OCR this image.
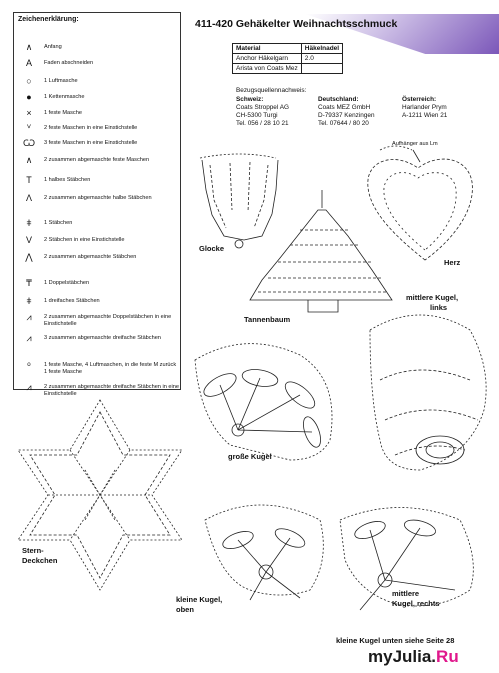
Zeichenerklärung:
∧	Anfang
A	Faden abschneiden
○	1 Luftmasche
●	1 Kettenmasche
×	1 feste Masche
ⱽ	2 feste Maschen in eine Einstichstelle
Ѡ	3 feste Maschen in eine Einstichstelle
∧	2 zusammen abgemaschte feste Maschen
T	1 halbes Stäbchen
Ʌ	2 zusammen abgemaschte halbe Stäbchen
ǂ	1 Stäbchen
V	2 Stäbchen in eine Einstichstelle
⋀	2 zusammen abgemaschte Stäbchen
₸	1 Doppelstäbchen
ǂ	1 dreifaches Stäbchen
⩘	2 zusammen abgemaschte Doppelstäbchen in eine Einstichstelle
⩘	3 zusammen abgemaschte dreifache Stäbchen
ᵒ	1 feste Masche, 4 Luftmaschen, in die feste M zurück 1 feste Masche
⩘	2 zusammen abgemaschte dreifache Stäbchen in eine Einstichstelle
411-420 Gehäkelter Weihnachtsschmuck
Material	Häkelnadel
Anchor Häkelgarn	2.0
Arista von Coats Mez	
Bezugsquellennachweis:
Schweiz:
Coats Stroppel AG
CH-5300 Turgi
Tel. 056 / 28 10 21
Deutschland:
Coats MEZ GmbH
D-79337 Kenzingen
Tel. 07644 / 80 20
Österreich:
Harlander Prym
A-1211 Wien 21
Glocke
Tannenbaum
Herz
Aufhänger aus Lm
mittlere Kugel,
links
große Kugel
Stern-
Deckchen
kleine Kugel,
oben
mittlere
Kugel, rechts
kleine Kugel unten siehe Seite 28
myJulia.Ru
